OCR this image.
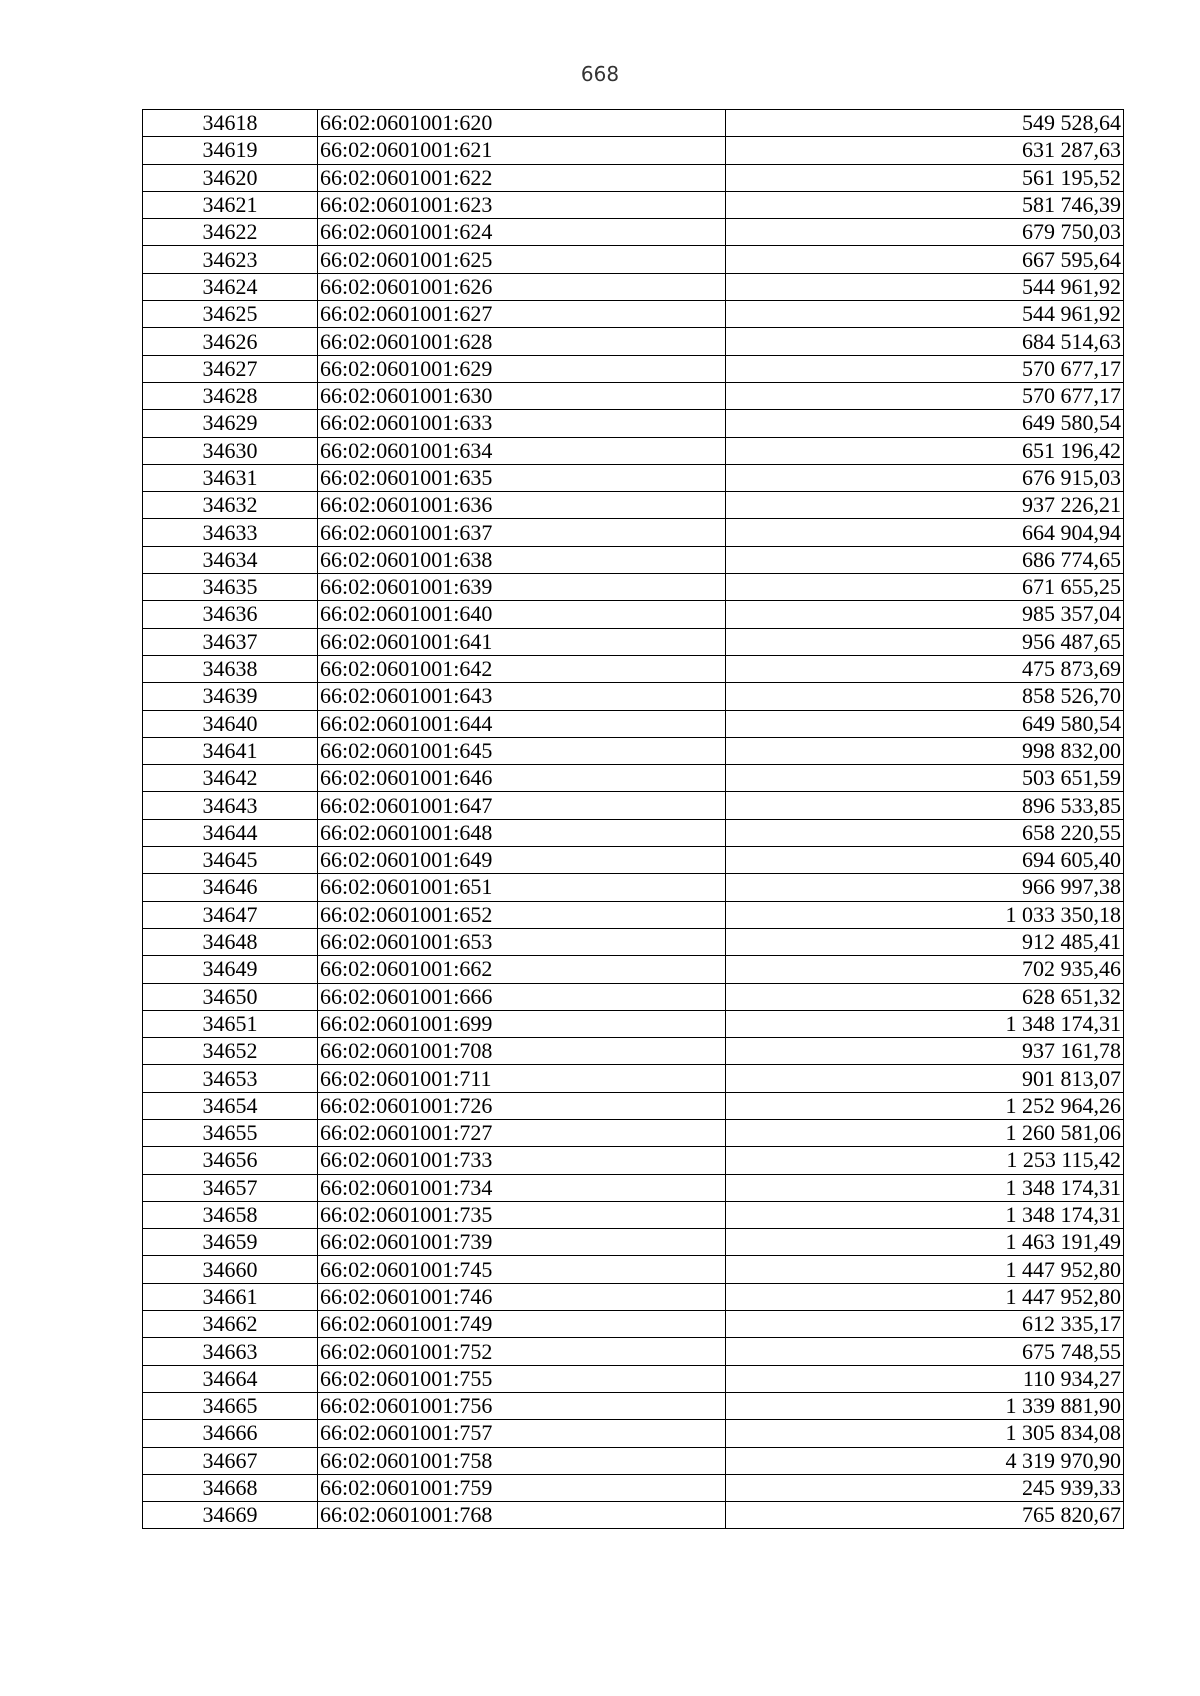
668
34618	66:02:0601001:620	549 528,64
34619	66:02:0601001:621	631 287,63
34620	66:02:0601001:622	561 195,52
34621	66:02:0601001:623	581 746,39
34622	66:02:0601001:624	679 750,03
34623	66:02:0601001:625	667 595,64
34624	66:02:0601001:626	544 961,92
34625	66:02:0601001:627	544 961,92
34626	66:02:0601001:628	684 514,63
34627	66:02:0601001:629	570 677,17
34628	66:02:0601001:630	570 677,17
34629	66:02:0601001:633	649 580,54
34630	66:02:0601001:634	651 196,42
34631	66:02:0601001:635	676 915,03
34632	66:02:0601001:636	937 226,21
34633	66:02:0601001:637	664 904,94
34634	66:02:0601001:638	686 774,65
34635	66:02:0601001:639	671 655,25
34636	66:02:0601001:640	985 357,04
34637	66:02:0601001:641	956 487,65
34638	66:02:0601001:642	475 873,69
34639	66:02:0601001:643	858 526,70
34640	66:02:0601001:644	649 580,54
34641	66:02:0601001:645	998 832,00
34642	66:02:0601001:646	503 651,59
34643	66:02:0601001:647	896 533,85
34644	66:02:0601001:648	658 220,55
34645	66:02:0601001:649	694 605,40
34646	66:02:0601001:651	966 997,38
34647	66:02:0601001:652	1 033 350,18
34648	66:02:0601001:653	912 485,41
34649	66:02:0601001:662	702 935,46
34650	66:02:0601001:666	628 651,32
34651	66:02:0601001:699	1 348 174,31
34652	66:02:0601001:708	937 161,78
34653	66:02:0601001:711	901 813,07
34654	66:02:0601001:726	1 252 964,26
34655	66:02:0601001:727	1 260 581,06
34656	66:02:0601001:733	1 253 115,42
34657	66:02:0601001:734	1 348 174,31
34658	66:02:0601001:735	1 348 174,31
34659	66:02:0601001:739	1 463 191,49
34660	66:02:0601001:745	1 447 952,80
34661	66:02:0601001:746	1 447 952,80
34662	66:02:0601001:749	612 335,17
34663	66:02:0601001:752	675 748,55
34664	66:02:0601001:755	110 934,27
34665	66:02:0601001:756	1 339 881,90
34666	66:02:0601001:757	1 305 834,08
34667	66:02:0601001:758	4 319 970,90
34668	66:02:0601001:759	245 939,33
34669	66:02:0601001:768	765 820,67
